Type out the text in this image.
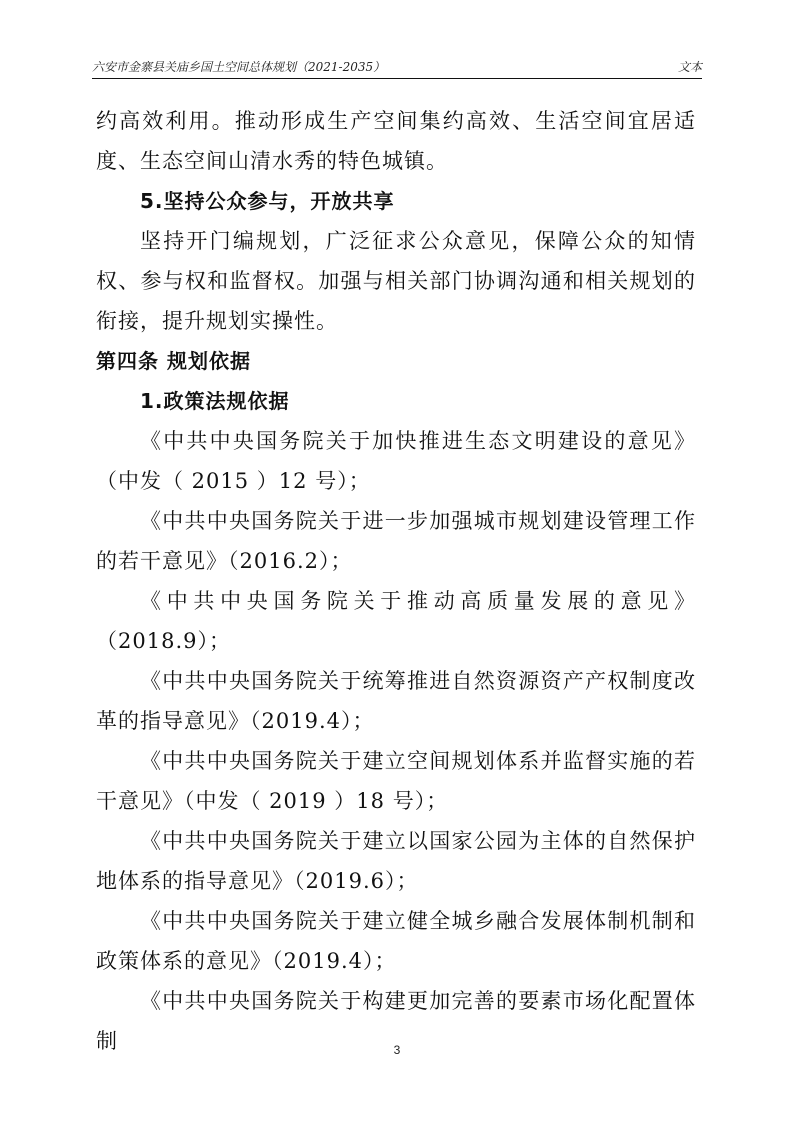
六安市金寨县关庙乡国土空间总体规划（2021-2035）	文本

约高效利用。推动形成生产空间集约高效、生活空间宜居适度、生态空间山清水秀的特色城镇。

5.坚持公众参与，开放共享

坚持开门编规划，广泛征求公众意见，保障公众的知情权、参与权和监督权。加强与相关部门协调沟通和相关规划的衔接，提升规划实操性。

第四条 规划依据

1.政策法规依据

《中共中央国务院关于加快推进生态文明建设的意见》（中发（ 2015 ）12 号）；

《中共中央国务院关于进一步加强城市规划建设管理工作的若干意见》（2016.2）；

《中共中央国务院关于推动高质量发展的意见》（2018.9）；

《中共中央国务院关于统筹推进自然资源资产产权制度改革的指导意见》（2019.4）；

《中共中央国务院关于建立空间规划体系并监督实施的若干意见》（中发（ 2019 ）18 号）；

《中共中央国务院关于建立以国家公园为主体的自然保护地体系的指导意见》（2019.6）；

《中共中央国务院关于建立健全城乡融合发展体制机制和政策体系的意见》（2019.4）；

《中共中央国务院关于构建更加完善的要素市场化配置体制	3
